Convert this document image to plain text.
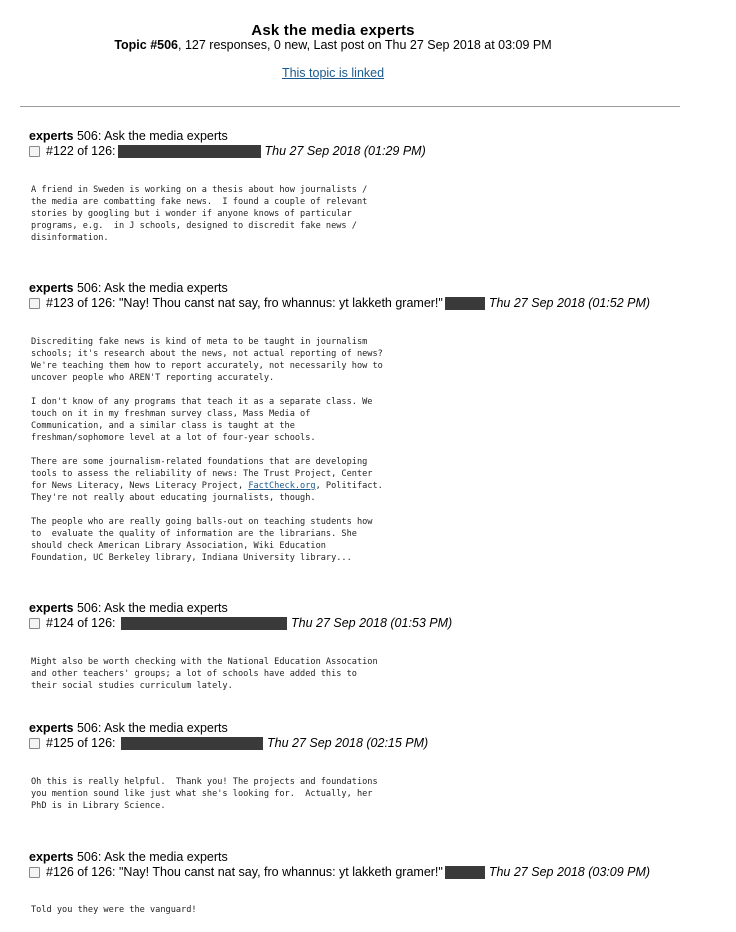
Ask the media experts
Topic #506, 127 responses, 0 new, Last post on Thu 27 Sep 2018 at 03:09 PM
This topic is linked
experts 506: Ask the media experts
#122 of 126:	Thu 27 Sep 2018 (01:29 PM)
A friend in Sweden is working on a thesis about how journalists /
the media are combatting fake news.  I found a couple of relevant
stories by googling but i wonder if anyone knows of particular
programs, e.g.  in J schools, designed to discredit fake news /
disinformation.
experts 506: Ask the media experts
#123 of 126:
"Nay! Thou canst nat say, fro whannus: yt lakketh gramer!"	Thu 27 Sep 2018 (01:52 PM)
Discrediting fake news is kind of meta to be taught in journalism
schools; it's research about the news, not actual reporting of news?
We're teaching them how to report accurately, not necessarily how to
uncover people who AREN'T reporting accurately.

I don't know of any programs that teach it as a separate class. We
touch on it in my freshman survey class, Mass Media of
Communication, and a similar class is taught at the
freshman/sophomore level at a lot of four-year schools.

There are some journalism-related foundations that are developing
tools to assess the reliability of news: The Trust Project, Center
for News Literacy, News Literacy Project, FactCheck.org, Politifact.
They're not really about educating journalists, though.

The people who are really going balls-out on teaching students how
to  evaluate the quality of information are the librarians. She
should check American Library Association, Wiki Education
Foundation, UC Berkeley library, Indiana University library...
experts 506: Ask the media experts
#124 of 126:
	Thu 27 Sep 2018 (01:53 PM)
Might also be worth checking with the National Education Assocation
and other teachers' groups; a lot of schools have added this to
their social studies curriculum lately.
experts 506: Ask the media experts
#125 of 126:
	Thu 27 Sep 2018 (02:15 PM)
Oh this is really helpful.  Thank you! The projects and foundations
you mention sound like just what she's looking for.  Actually, her
PhD is in Library Science.
experts 506: Ask the media experts
#126 of 126:
"Nay! Thou canst nat say, fro whannus: yt lakketh gramer!"	Thu 27 Sep 2018 (03:09 PM)
Told you they were the vanguard!
